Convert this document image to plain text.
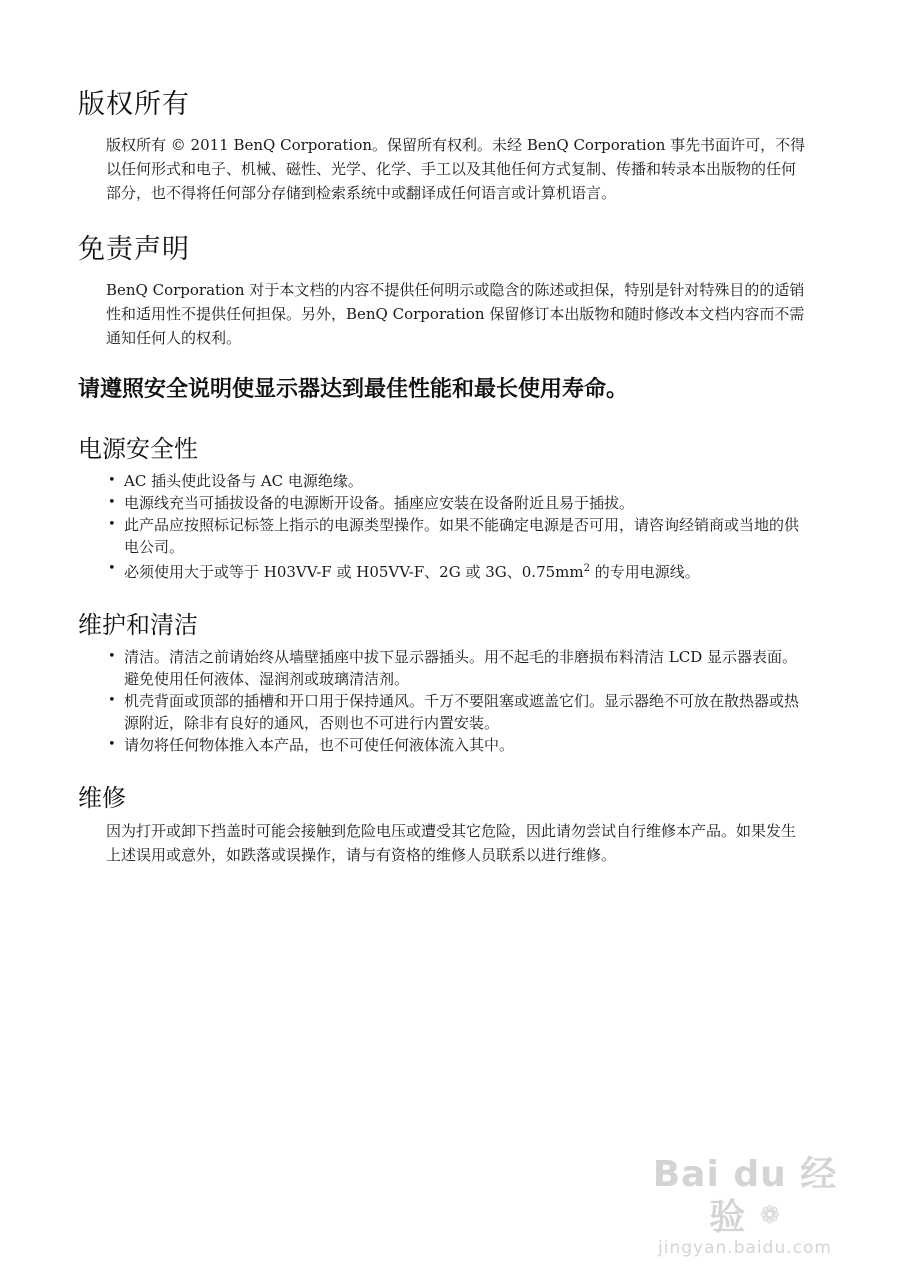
版权所有

版权所有 © 2011 BenQ Corporation。保留所有权利。未经 BenQ Corporation 事先书面许可，不得以任何形式和电子、机械、磁性、光学、化学、手工以及其他任何方式复制、传播和转录本出版物的任何部分，也不得将任何部分存储到检索系统中或翻译成任何语言或计算机语言。

免责声明

BenQ Corporation 对于本文档的内容不提供任何明示或隐含的陈述或担保，特别是针对特殊目的的适销性和适用性不提供任何担保。另外，BenQ Corporation 保留修订本出版物和随时修改本文档内容而不需通知任何人的权利。

请遵照安全说明使显示器达到最佳性能和最长使用寿命。
电源安全性
• AC 插头使此设备与 AC 电源绝缘。
• 电源线充当可插拔设备的电源断开设备。插座应安装在设备附近且易于插拔。
• 此产品应按照标记标签上指示的电源类型操作。如果不能确定电源是否可用，请咨询经销商或当地的供电公司。
• 必须使用大于或等于 H03VV-F 或 H05VV-F、2G 或 3G、$0.75mm^2$ 的专用电源线。
维护和清洁
• 清洁。清洁之前请始终从墙壁插座中拔下显示器插头。用不起毛的非磨损布料清洁 LCD 显示器表面。避免使用任何液体、湿润剂或玻璃清洁剂。
• 机壳背面或顶部的插槽和开口用于保持通风。千万不要阻塞或遮盖它们。显示器绝不可放在散热器或热源附近，除非有良好的通风，否则也不可进行内置安装。
• 请勿将任何物体推入本产品，也不可使任何液体流入其中。
维修

因为打开或卸下挡盖时可能会接触到危险电压或遭受其它危险，因此请勿尝试自行维修本产品。如果发生上述误用或意外，如跌落或误操作，请与有资格的维修人员联系以进行维修。

Bai du 经验 ❁
jingyan.baidu.com
